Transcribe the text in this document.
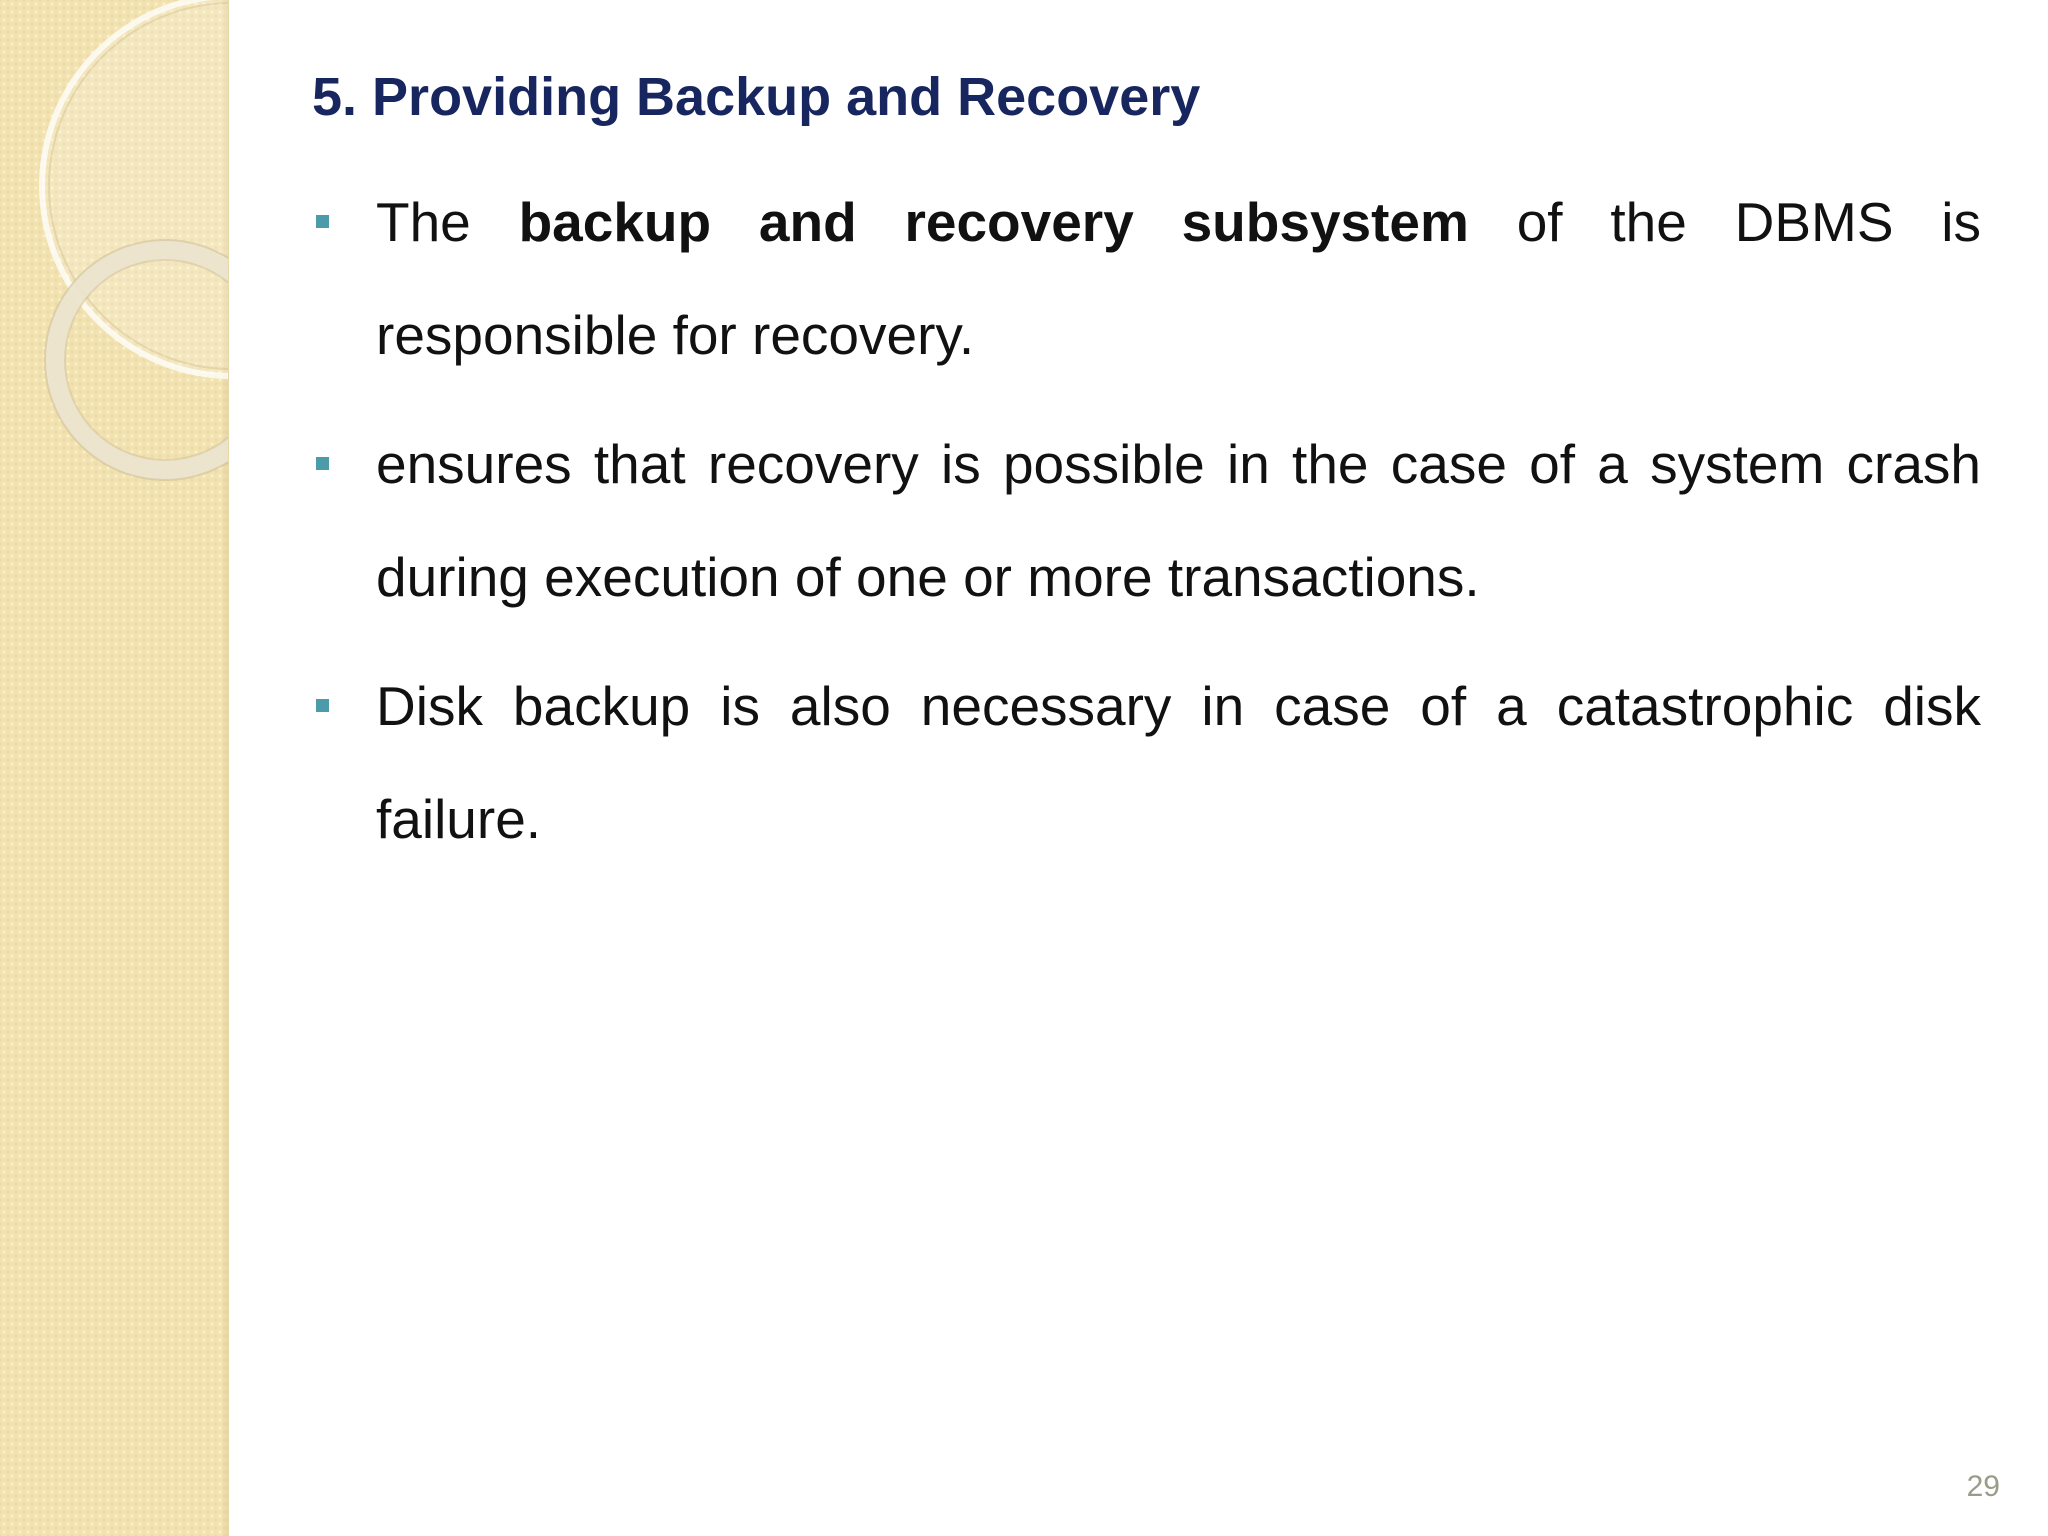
5. Providing Backup and Recovery
The backup and recovery subsystem of the DBMS is responsible for recovery.
ensures that recovery is possible in the case of a system crash during execution of one or more transactions.
Disk backup is also necessary in case of a catastrophic disk failure.
29
